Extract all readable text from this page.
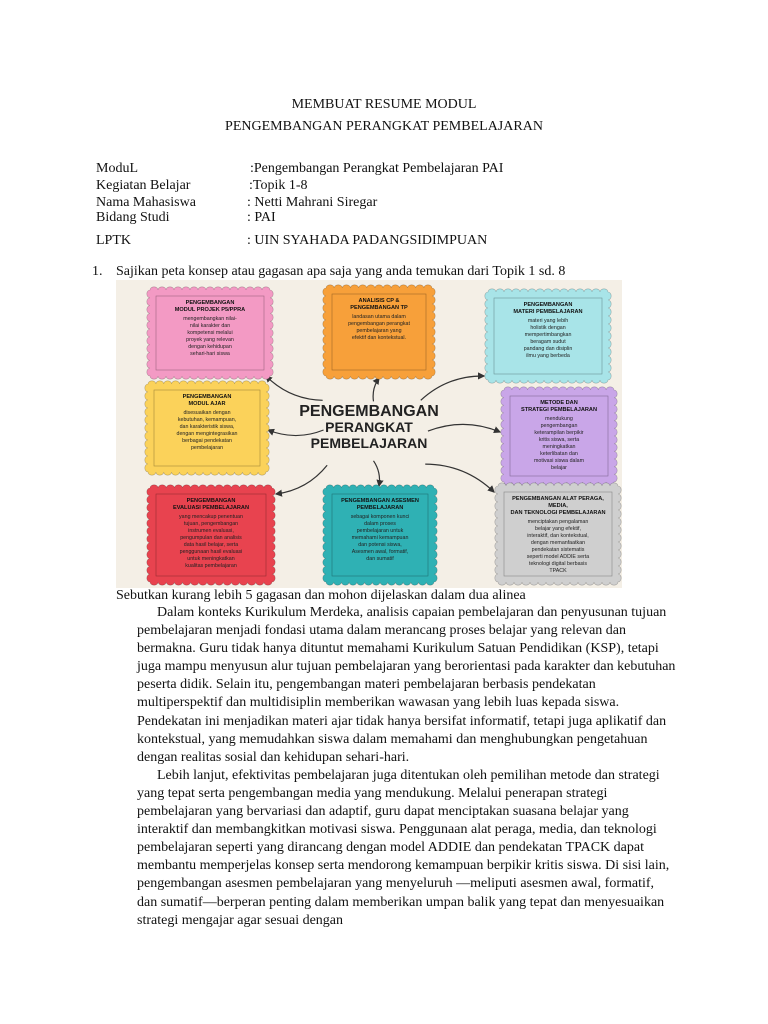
MEMBUAT RESUME MODUL
PENGEMBANGAN PERANGKAT PEMBELAJARAN
ModuL	:Pengembangan Perangkat Pembelajaran PAI
Kegiatan Belajar	:Topik 1-8
Nama Mahasiswa	: Netti Mahrani Siregar
Bidang Studi	: PAI
LPTK	: UIN SYAHADA PADANGSIDIMPUAN
1. Sajikan peta konsep atau gagasan apa saja yang anda temukan dari Topik 1 sd. 8
PENGEMBANGAN
PERANGKAT
PEMBELAJARAN
PENGEMBANGAN
MODUL PROJEK P5/PPRA
mengembangkan nilai-
nilai karakter dan
kompetensi melalui
proyek yang relevan
dengan kehidupan
sehari-hari siswa
ANALISIS CP &
PENGEMBANGAN TP
landasan utama dalam
pengembangan perangkat
pembelajaran yang
efektif dan kontekstual.
PENGEMBANGAN
MATERI PEMBELAJARAN
materi yang lebih
holistik dengan
mempertimbangkan
beragam sudut
pandang dan disiplin
ilmu yang berbeda
PENGEMBANGAN
MODUL AJAR
disesuaikan dengan
kebutuhan, kemampuan,
dan karakteristik siswa,
dengan mengintegrasikan
berbagai pendekatan
pembelajaran
METODE DAN
STRATEGI PEMBELAJARAN
mendukung
pengembangan
keterampilan berpikir
kritis siswa, serta
meningkatkan
keterlibatan dan
motivasi siswa dalam
belajar
PENGEMBANGAN
EVALUASI PEMBELAJARAN
yang mencakup penentuan
tujuan, pengembangan
instrumen evaluasi,
pengumpulan dan analisis
data hasil belajar, serta
penggunaan hasil evaluasi
untuk meningkatkan
kualitas pembelajaran
PENGEMBANGAN ASESMEN
PEMBELAJARAN
sebagai komponen kunci
dalam proses
pembelajaran untuk
memahami kemampuan
dan potensi siswa,
Asesmen awal, formatif,
dan sumatif
PENGEMBANGAN ALAT PERAGA,
MEDIA,
DAN TEKNOLOGI PEMBELAJARAN
menciptakan pengalaman
belajar yang efektif,
interaktif, dan kontekstual,
dengan memanfaatkan
pendekatan sistematis
seperti model ADDIE serta
teknologi digital berbasis
TPACK
Sebutkan kurang lebih 5 gagasan dan mohon dijelaskan dalam dua alinea

Dalam konteks Kurikulum Merdeka, analisis capaian pembelajaran dan penyusunan tujuan pembelajaran menjadi fondasi utama dalam merancang proses belajar yang relevan dan bermakna. Guru tidak hanya dituntut memahami Kurikulum Satuan Pendidikan (KSP), tetapi juga mampu menyusun alur tujuan pembelajaran yang berorientasi pada karakter dan kebutuhan peserta didik. Selain itu, pengembangan materi pembelajaran berbasis pendekatan multiperspektif dan multidisiplin memberikan wawasan yang lebih luas kepada siswa. Pendekatan ini menjadikan materi ajar tidak hanya bersifat informatif, tetapi juga aplikatif dan kontekstual, yang memudahkan siswa dalam memahami dan menghubungkan pengetahuan dengan realitas sosial dan kehidupan sehari-hari.

Lebih lanjut, efektivitas pembelajaran juga ditentukan oleh pemilihan metode dan strategi yang tepat serta pengembangan media yang mendukung. Melalui penerapan strategi pembelajaran yang bervariasi dan adaptif, guru dapat menciptakan suasana belajar yang interaktif dan membangkitkan motivasi siswa. Penggunaan alat peraga, media, dan teknologi pembelajaran seperti yang dirancang dengan model ADDIE dan pendekatan TPACK dapat membantu memperjelas konsep serta mendorong kemampuan berpikir kritis siswa. Di sisi lain, pengembangan asesmen pembelajaran yang menyeluruh —meliputi asesmen awal, formatif, dan sumatif—berperan penting dalam memberikan umpan balik yang tepat dan menyesuaikan strategi mengajar agar sesuai dengan
